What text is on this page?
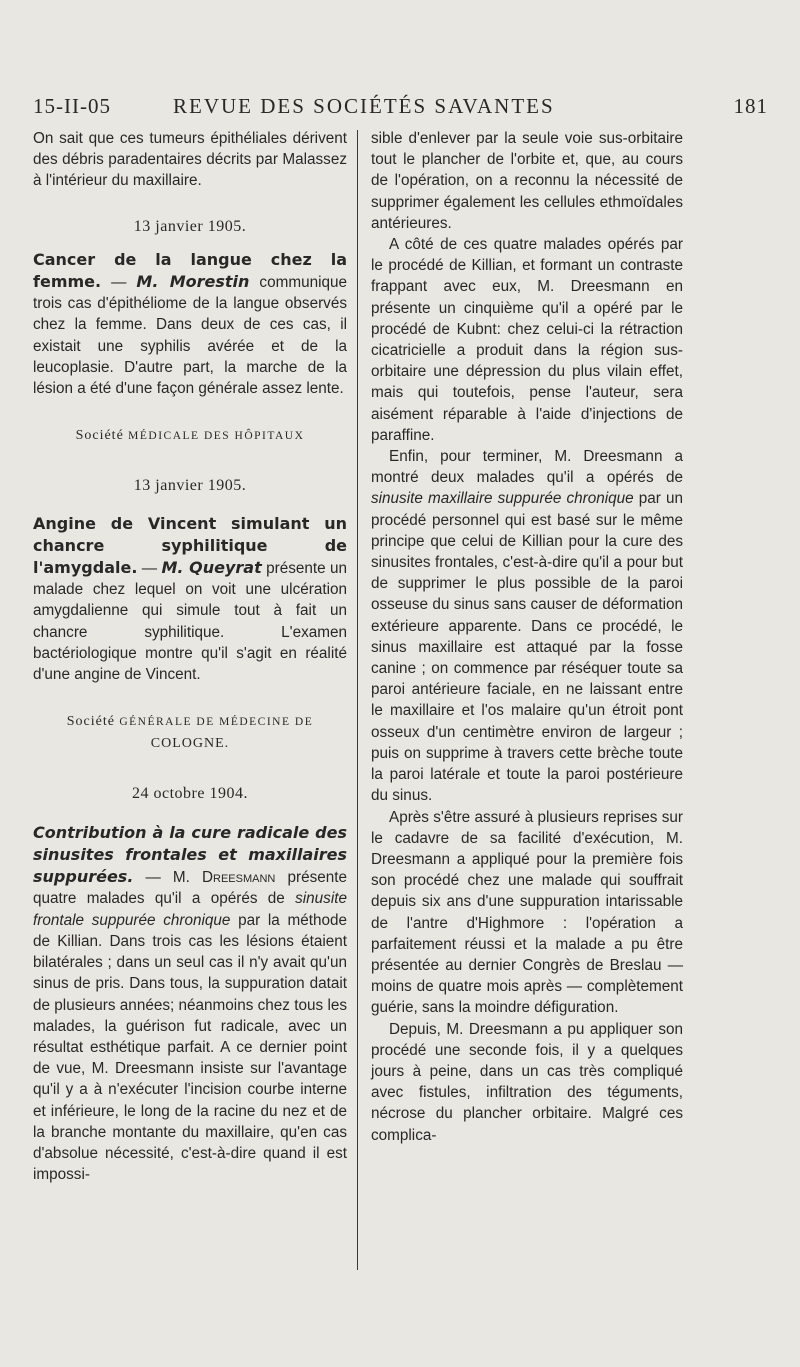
15-II-05	REVUE DES SOCIÉTÉS SAVANTES	181

On sait que ces tumeurs épithéliales dérivent des débris paradentaires décrits par Malassez à l'intérieur du maxillaire.

13 janvier 1905.

Cancer de la langue chez la femme. — M. Morestin communique trois cas d'épithéliome de la langue observés chez la femme. Dans deux de ces cas, il existait une syphilis avérée et de la leucoplasie. D'autre part, la marche de la lésion a été d'une façon générale assez lente.

Société MÉDICALE DES HÔPITAUX

13 janvier 1905.

Angine de Vincent simulant un chancre syphilitique de l'amygdale. — M. Queyrat présente un malade chez lequel on voit une ulcération amygdalienne qui simule tout à fait un chancre syphilitique. L'examen bactériologique montre qu'il s'agit en réalité d'une angine de Vincent.

Société GÉNÉRALE DE MÉDECINE DE
COLOGNE.

24 octobre 1904.

Contribution à la cure radicale des sinusites frontales et maxillaires suppurées. — M. Dreesmann présente quatre malades qu'il a opérés de sinusite frontale suppurée chronique par la méthode de Killian. Dans trois cas les lésions étaient bilatérales ; dans un seul cas il n'y avait qu'un sinus de pris. Dans tous, la suppuration datait de plusieurs années; néanmoins chez tous les malades, la guérison fut radicale, avec un résultat esthétique parfait. A ce dernier point de vue, M. Dreesmann insiste sur l'avantage qu'il y a à n'exécuter l'incision courbe interne et inférieure, le long de la racine du nez et de la branche montante du maxillaire, qu'en cas d'absolue nécessité, c'est-à-dire quand il est impossi-

sible d'enlever par la seule voie sus-orbitaire tout le plancher de l'orbite et, que, au cours de l'opération, on a reconnu la nécessité de supprimer également les cellules ethmoïdales antérieures.

A côté de ces quatre malades opérés par le procédé de Killian, et formant un contraste frappant avec eux, M. Dreesmann en présente un cinquième qu'il a opéré par le procédé de Kubnt: chez celui-ci la rétraction cicatricielle a produit dans la région sus-orbitaire une dépression du plus vilain effet, mais qui toutefois, pense l'auteur, sera aisément réparable à l'aide d'injections de paraffine.

Enfin, pour terminer, M. Dreesmann a montré deux malades qu'il a opérés de sinusite maxillaire suppurée chronique par un procédé personnel qui est basé sur le même principe que celui de Killian pour la cure des sinusites frontales, c'est-à-dire qu'il a pour but de supprimer le plus possible de la paroi osseuse du sinus sans causer de déformation extérieure apparente. Dans ce procédé, le sinus maxillaire est attaqué par la fosse canine ; on commence par réséquer toute sa paroi antérieure faciale, en ne laissant entre le maxillaire et l'os malaire qu'un étroit pont osseux d'un centimètre environ de largeur ; puis on supprime à travers cette brèche toute la paroi latérale et toute la paroi postérieure du sinus.

Après s'être assuré à plusieurs reprises sur le cadavre de sa facilité d'exécution, M. Dreesmann a appliqué pour la première fois son procédé chez une malade qui souffrait depuis six ans d'une suppuration intarissable de l'antre d'Highmore : l'opération a parfaitement réussi et la malade a pu être présentée au dernier Congrès de Breslau — moins de quatre mois après — complètement guérie, sans la moindre défiguration.

Depuis, M. Dreesmann a pu appliquer son procédé une seconde fois, il y a quelques jours à peine, dans un cas très compliqué avec fistules, infiltration des téguments, nécrose du plancher orbitaire. Malgré ces complica-
